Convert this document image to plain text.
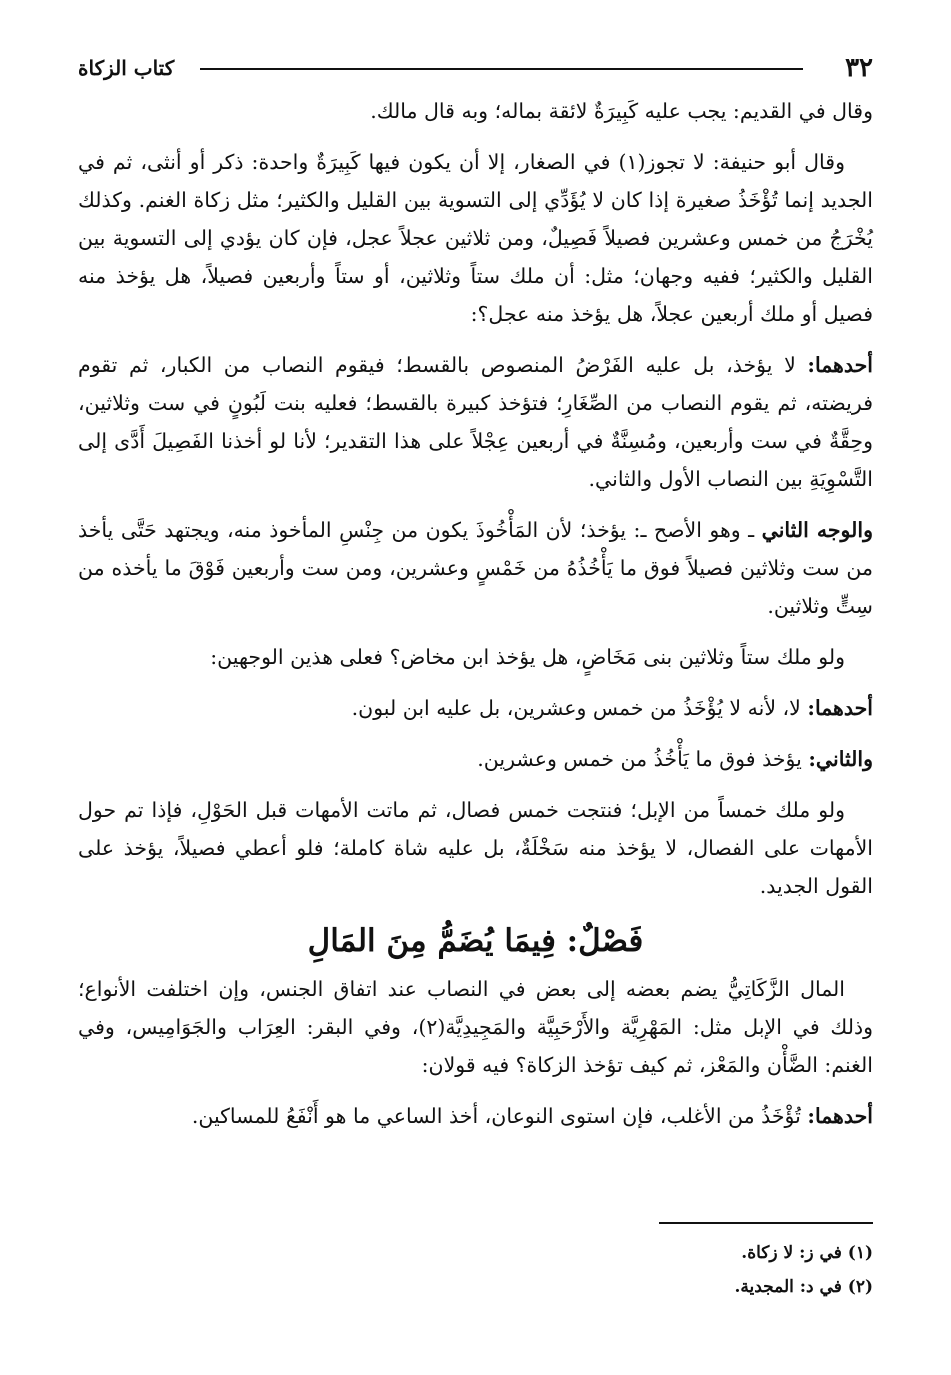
٣٢
كتاب الزكاة

وقال في القديم: يجب عليه كَبِيرَةٌ لائقة بماله؛ وبه قال مالك.

وقال أبو حنيفة: لا تجوز(١) في الصغار، إلا أن يكون فيها كَبِيرَةٌ واحدة: ذكر أو أنثى، ثم في الجديد إنما تُؤْخَذُ صغيرة إذا كان لا يُؤَدِّي إلى التسوية بين القليل والكثير؛ مثل زكاة الغنم. وكذلك يُخْرَجُ من خمس وعشرين فصيلاً فَصِيلٌ، ومن ثلاثين عجلاً عجل، فإن كان يؤدي إلى التسوية بين القليل والكثير؛ ففيه وجهان؛ مثل: أن ملك ستاً وثلاثين، أو ستاً وأربعين فصيلاً، هل يؤخذ منه فصيل أو ملك أربعين عجلاً، هل يؤخذ منه عجل؟:

أحدهما: لا يؤخذ، بل عليه الفَرْضُ المنصوص بالقسط؛ فيقوم النصاب من الكبار، ثم تقوم فريضته، ثم يقوم النصاب من الصِّغَارِ؛ فتؤخذ كبيرة بالقسط؛ فعليه بنت لَبُونٍ في ست وثلاثين، وحِقَّةٌ في ست وأربعين، ومُسِنَّةٌ في أربعين عِجْلاً على هذا التقدير؛ لأنا لو أخذنا الفَصِيلَ أَدَّى إلى التَّسْوِيَةِ بين النصاب الأول والثاني.

والوجه الثاني ـ وهو الأصح ـ: يؤخذ؛ لأن المَأْخُوذَ يكون من جِنْسِ المأخوذ منه، ويجتهد حَتَّى يأخذ من ست وثلاثين فصيلاً فوق ما يَأْخُذُهُ من خَمْسٍ وعشرين، ومن ست وأربعين فَوْقَ ما يأخذه من سِتٍّ وثلاثين.

ولو ملك ستاً وثلاثين بنى مَخَاضٍ، هل يؤخذ ابن مخاض؟ فعلى هذين الوجهين:

أحدهما: لا، لأنه لا يُؤْخَذُ من خمس وعشرين، بل عليه ابن لبون.

والثاني: يؤخذ فوق ما يَأْخُذُ من خمس وعشرين.

ولو ملك خمساً من الإبل؛ فنتجت خمس فصال، ثم ماتت الأمهات قبل الحَوْلِ، فإذا تم حول الأمهات على الفصال، لا يؤخذ منه سَخْلَةٌ، بل عليه شاة كاملة؛ فلو أعطي فصيلاً، يؤخذ على القول الجديد.

فَصْلٌ: فِيمَا يُضَمُّ مِنَ المَالِ

المال الزَّكَاتِيُّ يضم بعضه إلى بعض في النصاب عند اتفاق الجنس، وإن اختلفت الأنواع؛ وذلك في الإبل مثل: المَهْرِيَّة والأَرْحَبِيَّة والمَجِيدِيَّة(٢)، وفي البقر: العِرَاب والجَوَامِيس، وفي الغنم: الضَّأْن والمَعْز، ثم كيف تؤخذ الزكاة؟ فيه قولان:

أحدهما: تُؤْخَذُ من الأغلب، فإن استوى النوعان، أخذ الساعي ما هو أَنْفَعُ للمساكين.

(١) في ز: لا زكاة.
(٢) في د: المجدية.
